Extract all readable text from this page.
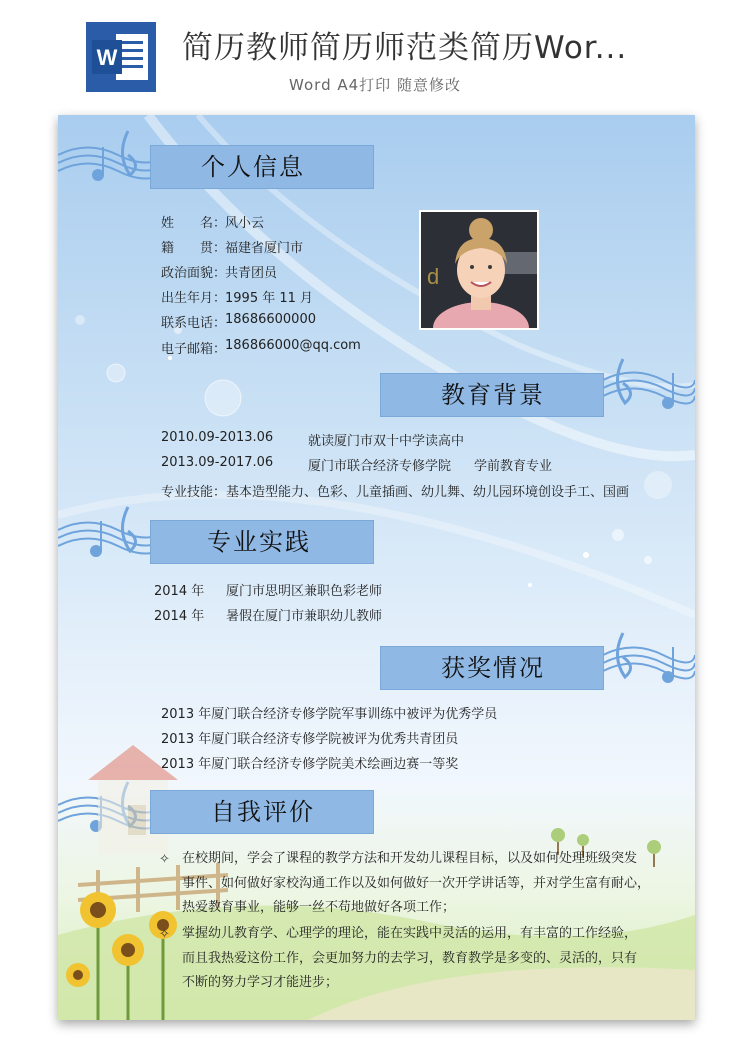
W 简历教师简历师范类简历Wor...
Word A4打印 随意修改
个人信息
姓　　名：
风小云
籍　　贯：
福建省厦门市
政治面貌：
共青团员
出生年月：
1995 年 11 月
联系电话：
18686600000
电子邮箱：
186866000@qq.com
d
教育背景
2010.09-2013.06	就读厦门市双十中学读高中
2013.09-2017.06	厦门市联合经济专修学院 学前教育专业
专业技能：基本造型能力、色彩、儿童插画、幼儿舞、幼儿园环境创设手工、国画
专业实践
2014 年 厦门市思明区兼职色彩老师
2014 年 暑假在厦门市兼职幼儿教师
获奖情况
2013 年厦门联合经济专修学院军事训练中被评为优秀学员
2013 年厦门联合经济专修学院被评为优秀共青团员
2013 年厦门联合经济专修学院美术绘画边赛一等奖
自我评价
✧ 在校期间，学会了课程的教学方法和开发幼儿课程目标，以及如何处理班级突发
事件、如何做好家校沟通工作以及如何做好一次开学讲话等，并对学生富有耐心，
热爱教育事业，能够一丝不苟地做好各项工作；
✧ 掌握幼儿教育学、心理学的理论，能在实践中灵活的运用，有丰富的工作经验，
而且我热爱这份工作，会更加努力的去学习，教育教学是多变的、灵活的，只有
不断的努力学习才能进步；
